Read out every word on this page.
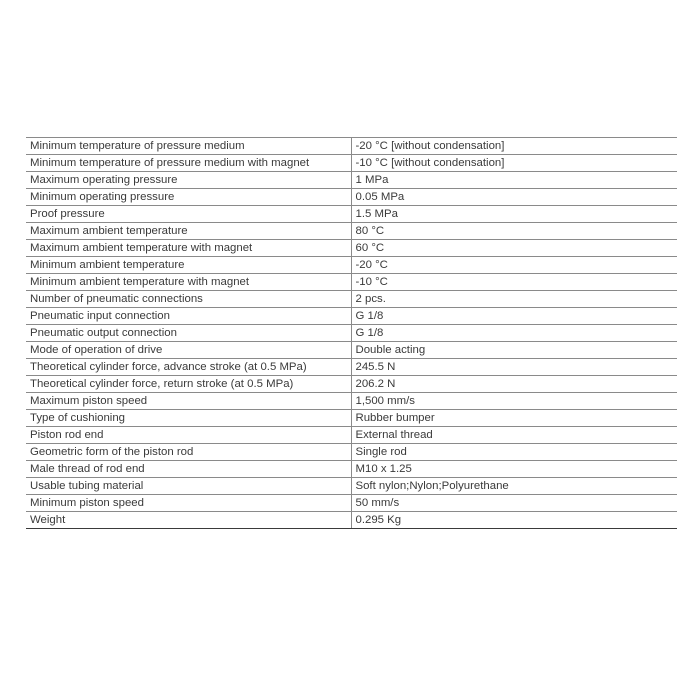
Minimum temperature of pressure medium	-20 °C [without condensation]
Minimum temperature of pressure medium with magnet	-10 °C [without condensation]
Maximum operating pressure	1 MPa
Minimum operating pressure	0.05 MPa
Proof pressure	1.5 MPa
Maximum ambient temperature	80 °C
Maximum ambient temperature with magnet	60 °C
Minimum ambient temperature	-20 °C
Minimum ambient temperature with magnet	-10 °C
Number of pneumatic connections	2 pcs.
Pneumatic input connection	G 1/8
Pneumatic output connection	G 1/8
Mode of operation of drive	Double acting
Theoretical cylinder force, advance stroke (at 0.5 MPa)	245.5 N
Theoretical cylinder force, return stroke (at 0.5 MPa)	206.2 N
Maximum piston speed	1,500 mm/s
Type of cushioning	Rubber bumper
Piston rod end	External thread
Geometric form of the piston rod	Single rod
Male thread of rod end	M10 x 1.25
Usable tubing material	Soft nylon;Nylon;Polyurethane
Minimum piston speed	50 mm/s
Weight	0.295 Kg
